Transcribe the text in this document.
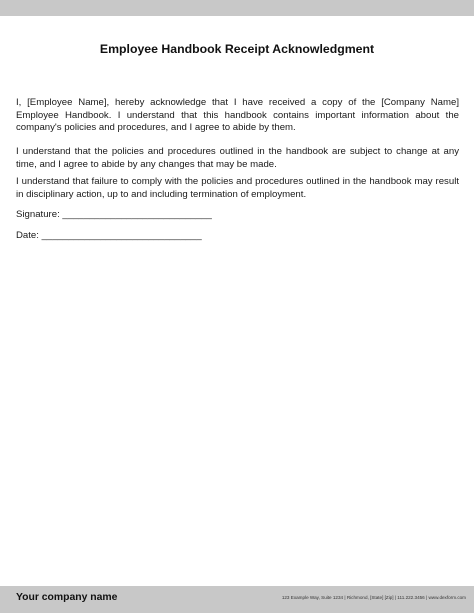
Employee Handbook Receipt Acknowledgment
I, [Employee Name], hereby acknowledge that I have received a copy of the [Company Name] Employee Handbook. I understand that this handbook contains important information about the company's policies and procedures, and I agree to abide by them.
I understand that the policies and procedures outlined in the handbook are subject to change at any time, and I agree to abide by any changes that may be made.
I understand that failure to comply with the policies and procedures outlined in the handbook may result in disciplinary action, up to and including termination of employment.
Signature: ____________________________
Date: ______________________________
Your company name	123 Example Way, Suite 1234 | Richmond, [State] [Zip] | 111.222.3456 | www.dexform.com
